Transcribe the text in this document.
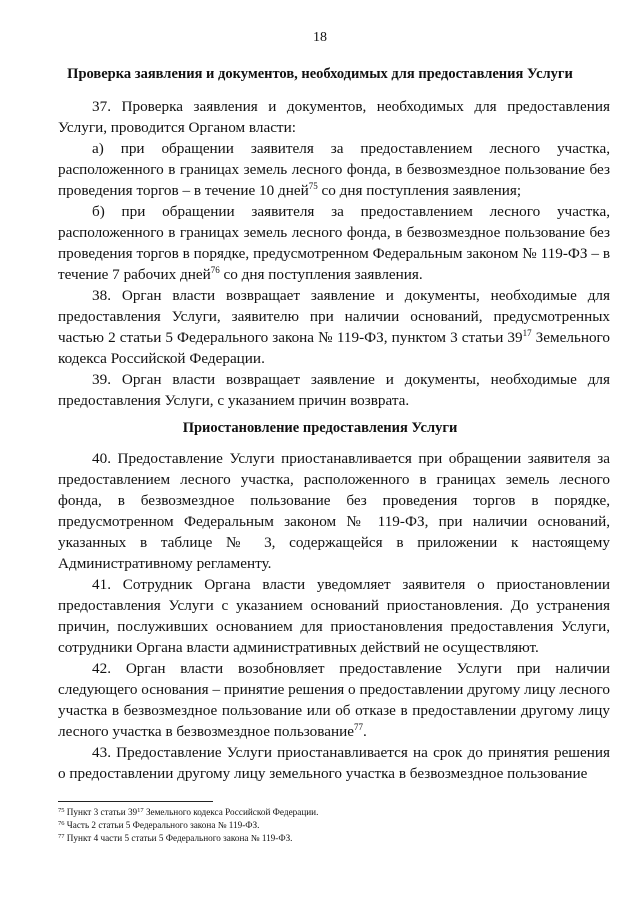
18
Проверка заявления и документов, необходимых для предоставления Услуги

37. Проверка заявления и документов, необходимых для предоставления Услуги, проводится Органом власти:

а) при обращении заявителя за предоставлением лесного участка, расположенного в границах земель лесного фонда, в безвозмездное пользование без проведения торгов – в течение 10 дней$^{75}$ со дня поступления заявления;

б) при обращении заявителя за предоставлением лесного участка, расположенного в границах земель лесного фонда, в безвозмездное пользование без проведения торгов в порядке, предусмотренном Федеральным законом № 119-ФЗ – в течение 7 рабочих дней$^{76}$ со дня поступления заявления.

38. Орган власти возвращает заявление и документы, необходимые для предоставления Услуги, заявителю при наличии оснований, предусмотренных частью 2 статьи 5 Федерального закона № 119-ФЗ, пунктом 3 статьи 39$^{17}$ Земельного кодекса Российской Федерации.

39. Орган власти возвращает заявление и документы, необходимые для предоставления Услуги, с указанием причин возврата.

Приостановление предоставления Услуги

40. Предоставление Услуги приостанавливается при обращении заявителя за предоставлением лесного участка, расположенного в границах земель лесного фонда, в безвозмездное пользование без проведения торгов в порядке, предусмотренном Федеральным законом № 119-ФЗ, при наличии оснований, указанных в таблице № 3, содержащейся в приложении к настоящему Административному регламенту.

41. Сотрудник Органа власти уведомляет заявителя о приостановлении предоставления Услуги с указанием оснований приостановления. До устранения причин, послуживших основанием для приостановления предоставления Услуги, сотрудники Органа власти административных действий не осуществляют.

42. Орган власти возобновляет предоставление Услуги при наличии следующего основания – принятие решения о предоставлении другому лицу лесного участка в безвозмездное пользование или об отказе в предоставлении другому лицу лесного участка в безвозмездное пользование$^{77}$.

43. Предоставление Услуги приостанавливается на срок до принятия решения о предоставлении другому лицу земельного участка в безвозмездное пользование

$^{75}$ Пункт 3 статьи 39$^{17}$ Земельного кодекса Российской Федерации.

$^{76}$ Часть 2 статьи 5 Федерального закона № 119-ФЗ.

$^{77}$ Пункт 4 части 5 статьи 5 Федерального закона № 119-ФЗ.
